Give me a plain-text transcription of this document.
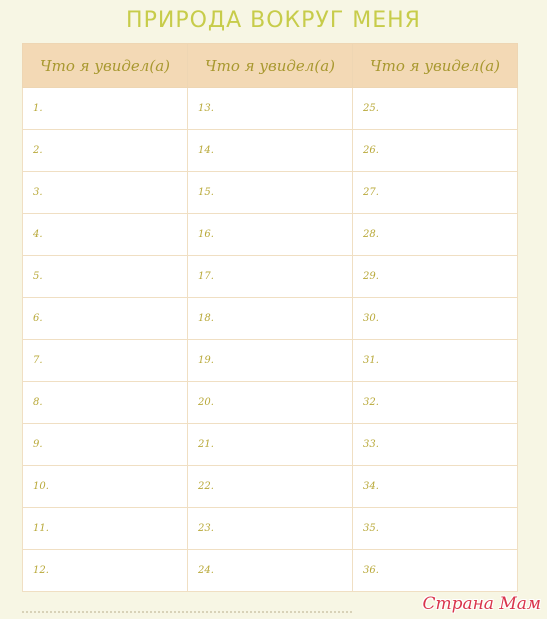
ПРИРОДА ВОКРУГ МЕНЯ
Что я увидел(а)	Что я увидел(а)	Что я увидел(а)
1.	13.	25.
2.	14.	26.
3.	15.	27.
4.	16.	28.
5.	17.	29.
6.	18.	30.
7.	19.	31.
8.	20.	32.
9.	21.	33.
10.	22.	34.
11.	23.	35.
12.	24.	36.
Страна Мам
